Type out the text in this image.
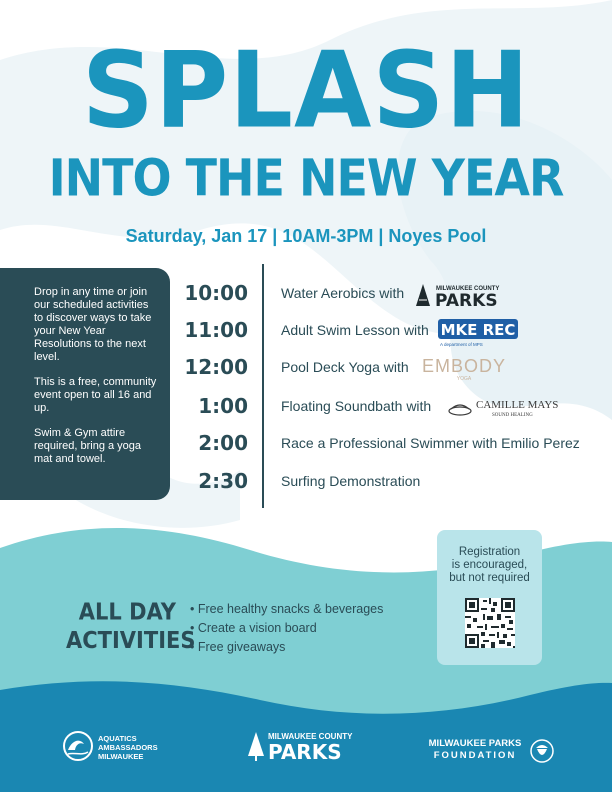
SPLASH
INTO THE NEW YEAR
Saturday, Jan 17 | 10AM-3PM | Noyes Pool

Drop in any time or join our scheduled activities to discover ways to take your New Year Resolutions to the next level.

This is a free, community event open to all 16 and up.

Swim & Gym attire required, bring a yoga mat and towel.

10:00 Water Aerobics with	MILWAUKEE COUNTY
PARKS
11:00 Adult Swim Lesson with MKE REC
A department of MPS
12:00 Pool Deck Yoga with EMBODY
YOGA
1:00 Floating Soundbath with	CAMILLE MAYS
SOUND HEALING
2:00 Race a Professional Swimmer with Emilio Perez
2:30 Surfing Demonstration
Registration
is encouraged,
but not required
ALL DAY
ACTIVITIES
• Free healthy snacks & beverages
• Create a vision board
• Free giveaways
AQUATICS
AMBASSADORS
MILWAUKEE
MILWAUKEE COUNTY
PARKS	MILWAUKEE PARKS
FOUNDATION
